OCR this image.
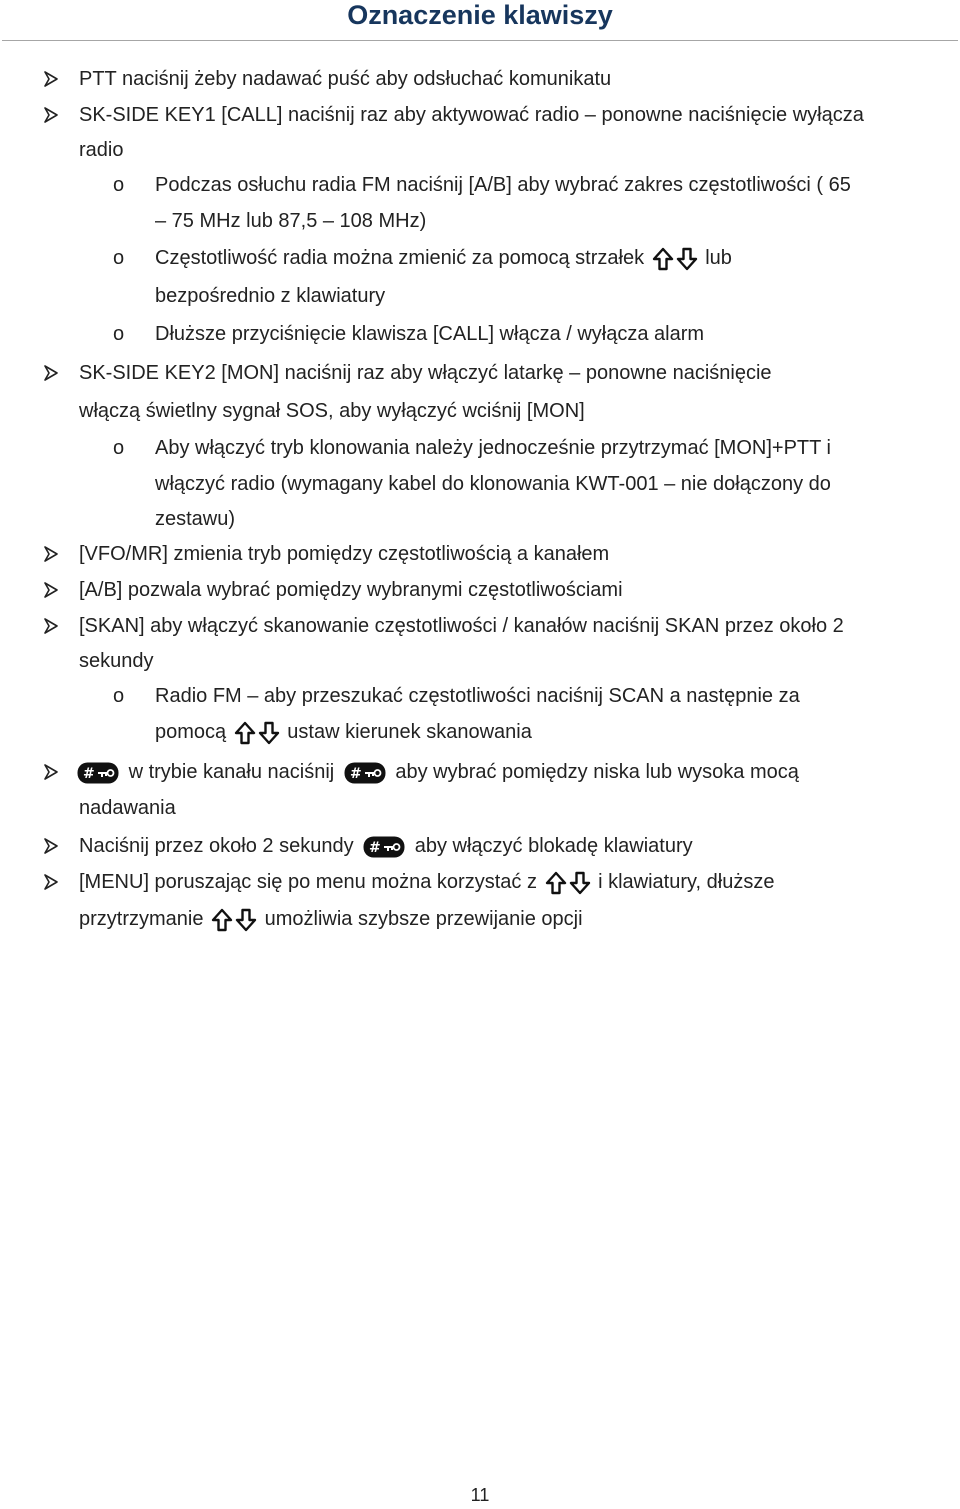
Oznaczenie klawiszy
PTT naciśnij żeby nadawać puść aby odsłuchać komunikatu
SK-SIDE KEY1 [CALL] naciśnij raz aby aktywować radio – ponowne naciśnięcie wyłącza
radio
o	Podczas osłuchu radia FM naciśnij [A/B] aby wybrać zakres częstotliwości ( 65
– 75 MHz lub 87,5 – 108 MHz)
o	Częstotliwość radia można zmienić za pomocą strzałek	lub
bezpośrednio z klawiatury
o	Dłuższe przyciśnięcie klawisza [CALL] włącza / wyłącza alarm
SK-SIDE KEY2 [MON] naciśnij raz aby włączyć latarkę – ponowne naciśnięcie
włączą świetlny sygnał SOS, aby wyłączyć wciśnij [MON]
o	Aby włączyć tryb klonowania należy jednocześnie przytrzymać [MON]+PTT i
włączyć radio (wymagany kabel do klonowania KWT-001 – nie dołączony do
zestawu)
[VFO/MR] zmienia tryb pomiędzy częstotliwością a kanałem
[A/B] pozwala wybrać pomiędzy wybranymi częstotliwościami
[SKAN] aby włączyć skanowanie częstotliwości / kanałów naciśnij SKAN przez około 2
sekundy
o	Radio FM – aby przeszukać częstotliwości naciśnij SCAN a następnie za
pomocą	ustaw kierunek skanowania
# w trybie kanału naciśnij # aby wybrać pomiędzy niska lub wysoka mocą
nadawania
Naciśnij przez około 2 sekundy # aby włączyć blokadę klawiatury
[MENU] poruszając się po menu można korzystać z	i klawiatury, dłuższe
przytrzymanie	umożliwia szybsze przewijanie opcji
11
